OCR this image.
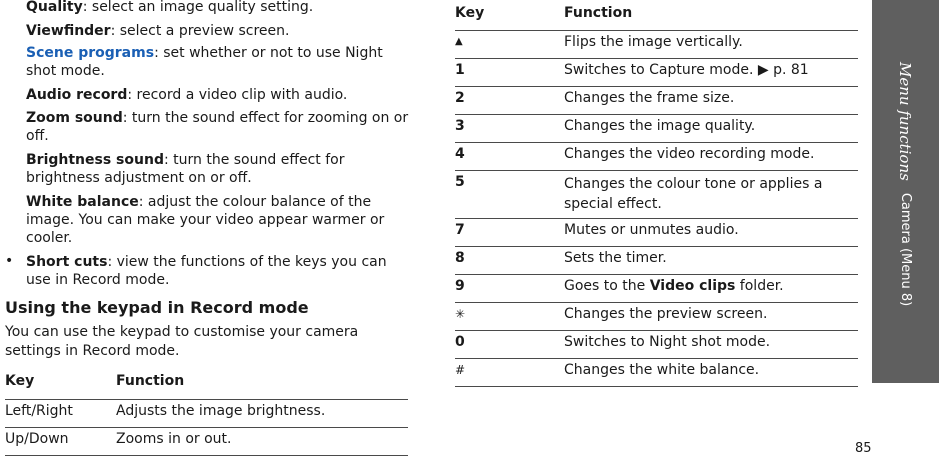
Quality: select an image quality setting.
Viewfinder: select a preview screen.
Scene programs: set whether or not to use Night shot mode.
Audio record: record a video clip with audio.
Zoom sound: turn the sound effect for zooming on or off.
Brightness sound: turn the sound effect for brightness adjustment on or off.
White balance: adjust the colour balance of the image. You can make your video appear warmer or cooler.
• Short cuts: view the functions of the keys you can use in Record mode.
Using the keypad in Record mode
You can use the keypad to customise your camera settings in Record mode.
Key	Function
Left/Right	Adjusts the image brightness.
Up/Down	Zooms in or out.
Key	Function
▲	Flips the image vertically.
1	Switches to Capture mode. ▶ p. 81
2	Changes the frame size.
3	Changes the image quality.
4	Changes the video recording mode.
5	Changes the colour tone or applies a special effect.
7	Mutes or unmutes audio.
8	Sets the timer.
9	Goes to the Video clips folder.
✳	Changes the preview screen.
0	Switches to Night shot mode.
#	Changes the white balance.
Menu functions
Camera (Menu 8)
85
